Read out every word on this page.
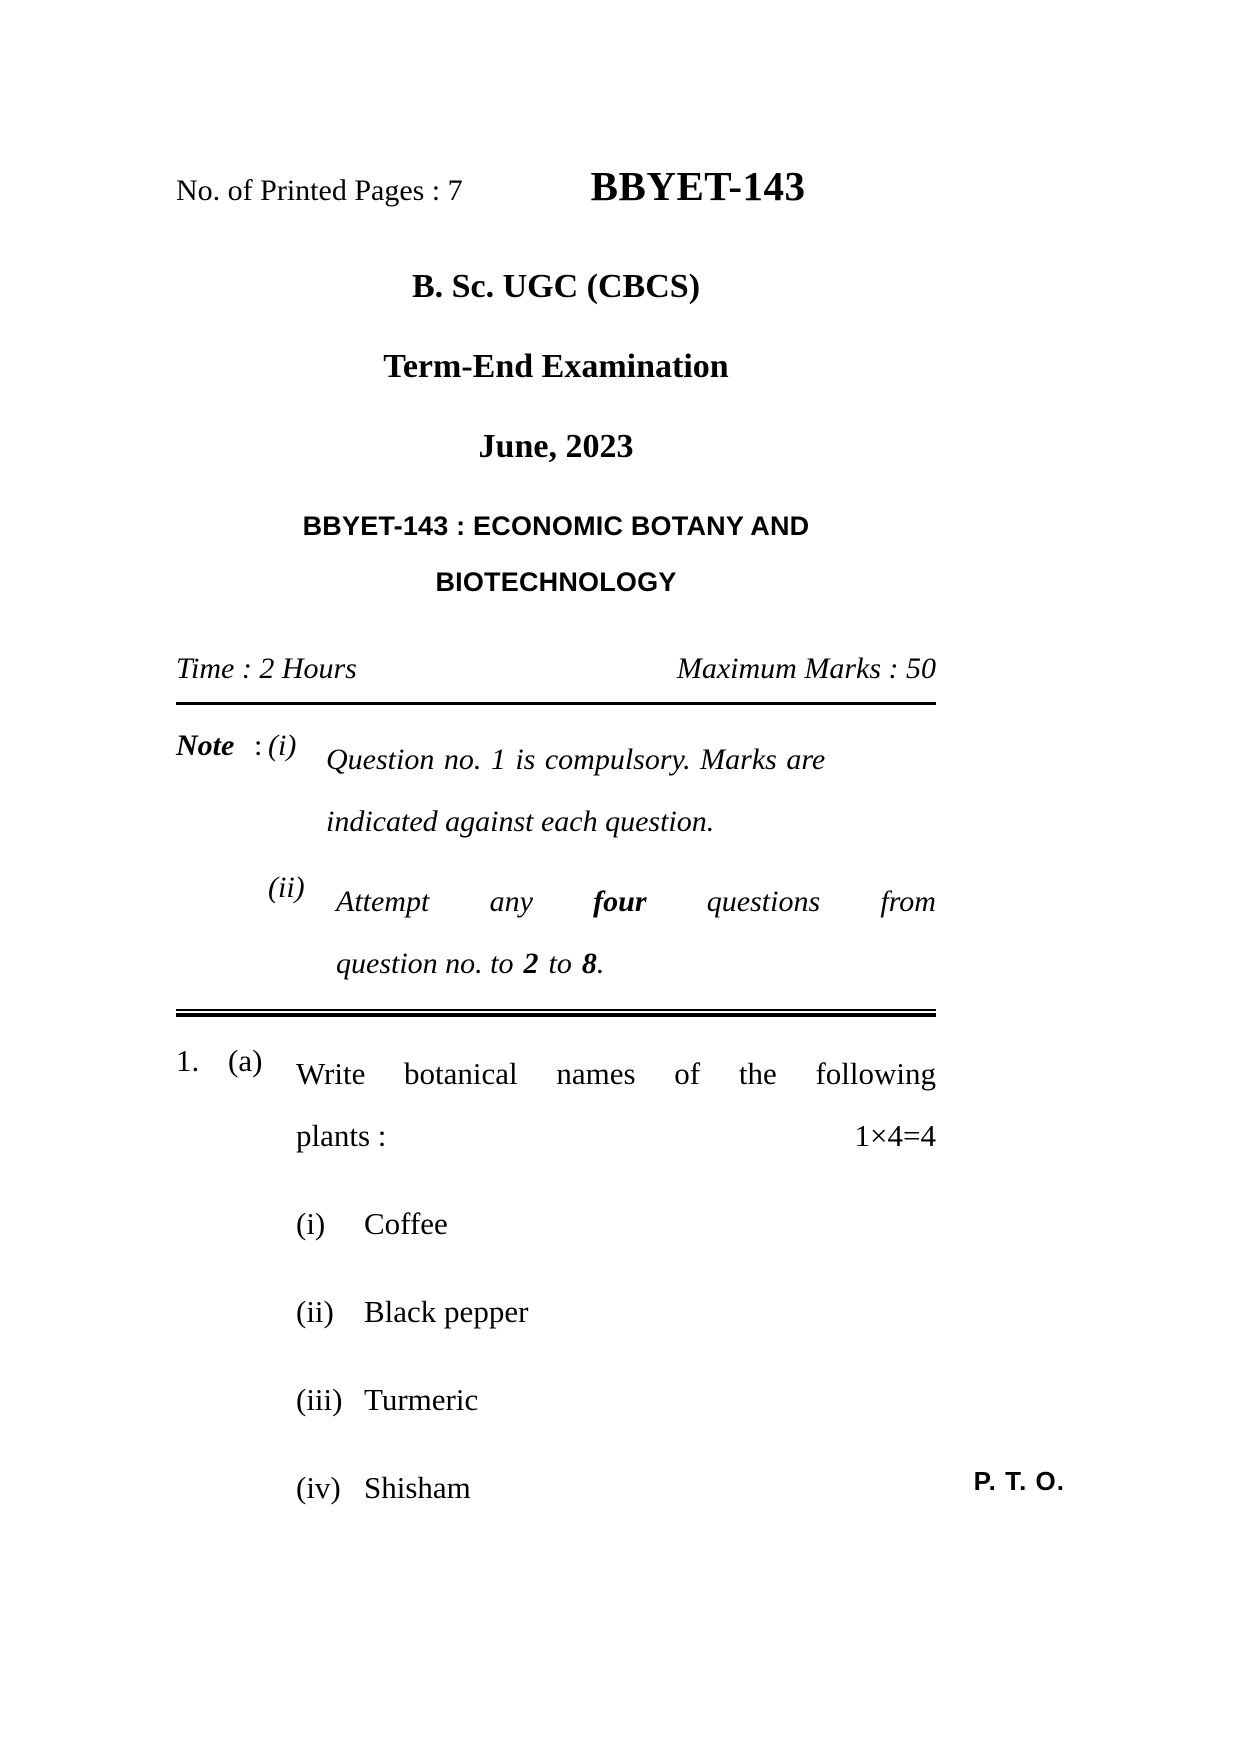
No. of Printed Pages : 7	BBYET-143
B. Sc. UGC (CBCS)
Term-End Examination
June, 2023
BBYET-143 : ECONOMIC BOTANY AND
BIOTECHNOLOGY
Time : 2 Hours	Maximum Marks : 50
Note : (i) Question no. 1 is compulsory. Marks are
indicated against each question.
(ii)	Attempt any four questions from
question no. to 2 to 8.
1. (a)	Write botanical names of the following
plants :	1×4=4
(i)	Coffee
(ii) Black pepper
(iii) Turmeric
(iv) Shisham	P. T. O.
